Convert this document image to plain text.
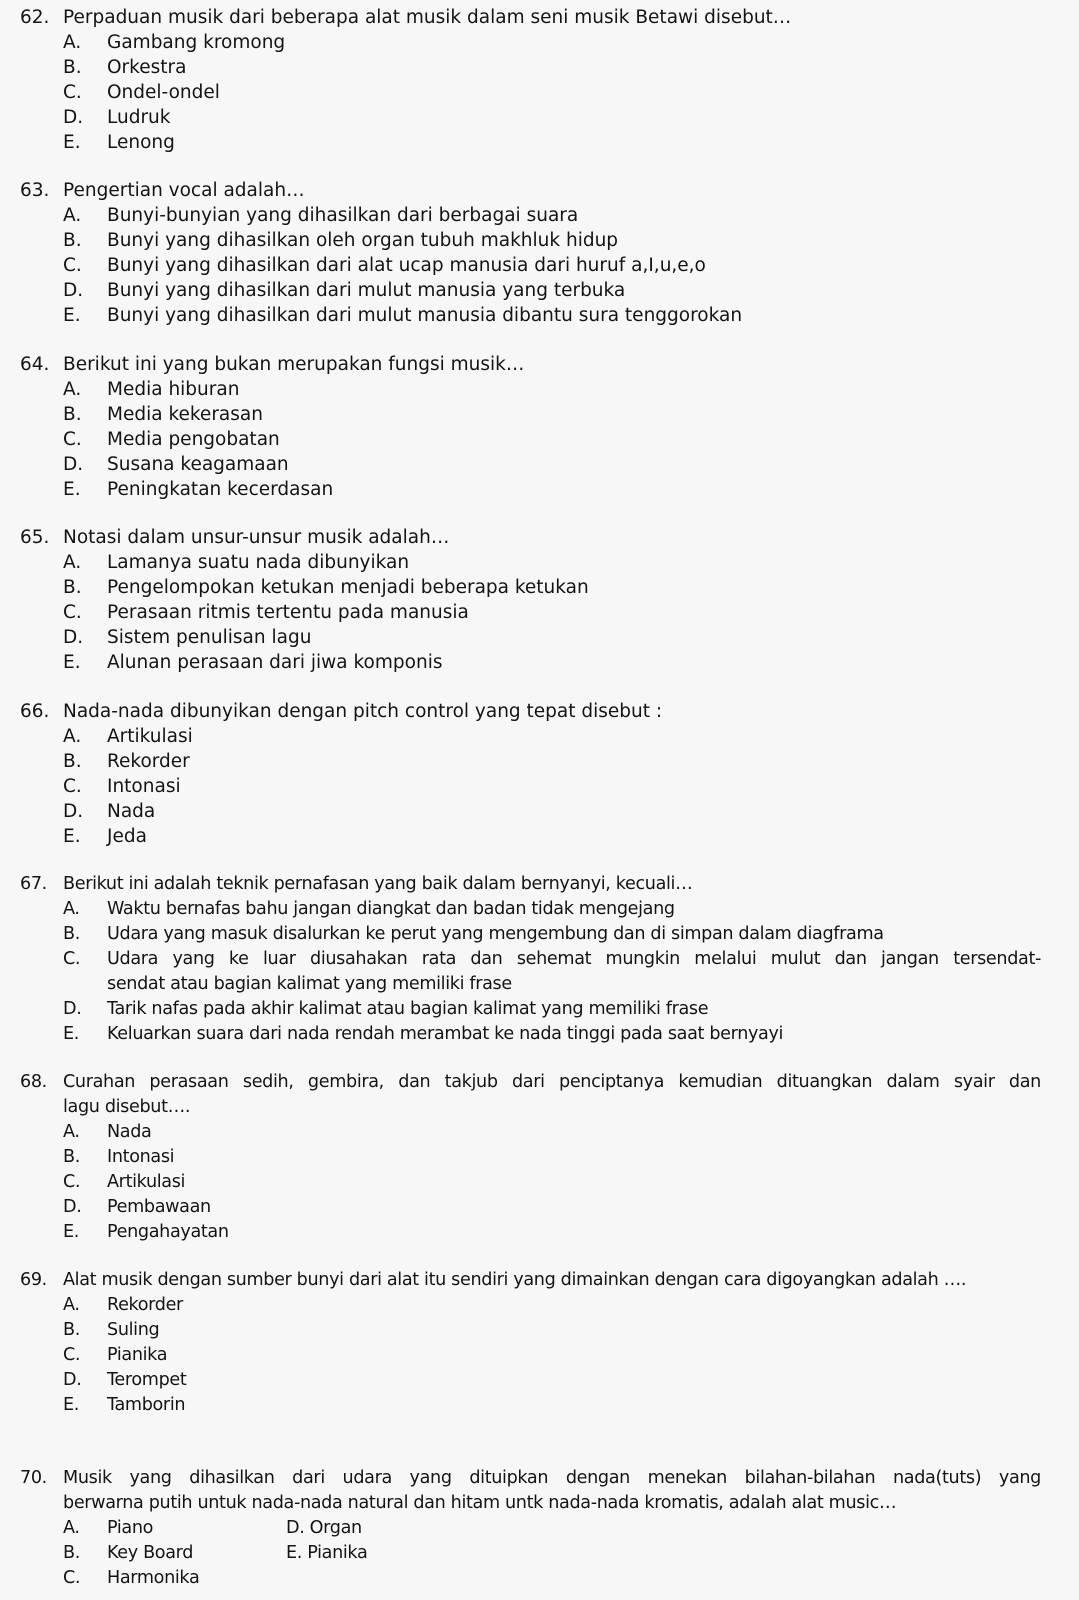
62. Perpaduan musik dari beberapa alat musik dalam seni musik Betawi disebut…
A. Gambang kromong
B. Orkestra
C. Ondel-ondel
D. Ludruk
E. Lenong
63. Pengertian vocal adalah…
A. Bunyi-bunyian yang dihasilkan dari berbagai suara
B. Bunyi yang dihasilkan oleh organ tubuh makhluk hidup
C. Bunyi yang dihasilkan dari alat ucap manusia dari huruf a,I,u,e,o
D. Bunyi yang dihasilkan dari mulut manusia yang terbuka
E. Bunyi yang dihasilkan dari mulut manusia dibantu sura tenggorokan
64. Berikut ini yang bukan merupakan fungsi musik…
A. Media hiburan
B. Media kekerasan
C. Media pengobatan
D. Susana keagamaan
E. Peningkatan kecerdasan
65. Notasi dalam unsur-unsur musik adalah…
A. Lamanya suatu nada dibunyikan
B. Pengelompokan ketukan menjadi beberapa ketukan
C. Perasaan ritmis tertentu pada manusia
D. Sistem penulisan lagu
E. Alunan perasaan dari jiwa komponis
66. Nada-nada dibunyikan dengan pitch control yang tepat disebut :
A. Artikulasi
B. Rekorder
C. Intonasi
D. Nada
E. Jeda
67. Berikut ini adalah teknik pernafasan yang baik dalam bernyanyi, kecuali…
A. Waktu bernafas bahu jangan diangkat dan badan tidak mengejang
B. Udara yang masuk disalurkan ke perut yang mengembung dan di simpan dalam diagframa
C. Udara yang ke luar diusahakan rata dan sehemat mungkin melalui mulut dan jangan tersendat-
sendat atau bagian kalimat yang memiliki frase
D. Tarik nafas pada akhir kalimat atau bagian kalimat yang memiliki frase
E. Keluarkan suara dari nada rendah merambat ke nada tinggi pada saat bernyayi
68. Curahan perasaan sedih, gembira, dan takjub dari penciptanya kemudian dituangkan dalam syair dan
lagu disebut….
A. Nada
B. Intonasi
C. Artikulasi
D. Pembawaan
E. Pengahayatan
69. Alat musik dengan sumber bunyi dari alat itu sendiri yang dimainkan dengan cara digoyangkan adalah ….
A. Rekorder
B. Suling
C. Pianika
D. Terompet
E. Tamborin
70. Musik yang dihasilkan dari udara yang dituipkan dengan menekan bilahan-bilahan nada(tuts) yang
berwarna putih untuk nada-nada natural dan hitam untk nada-nada kromatis, adalah alat music…
A. Piano	D. Organ
B. Key Board	E. Pianika
C. Harmonika
